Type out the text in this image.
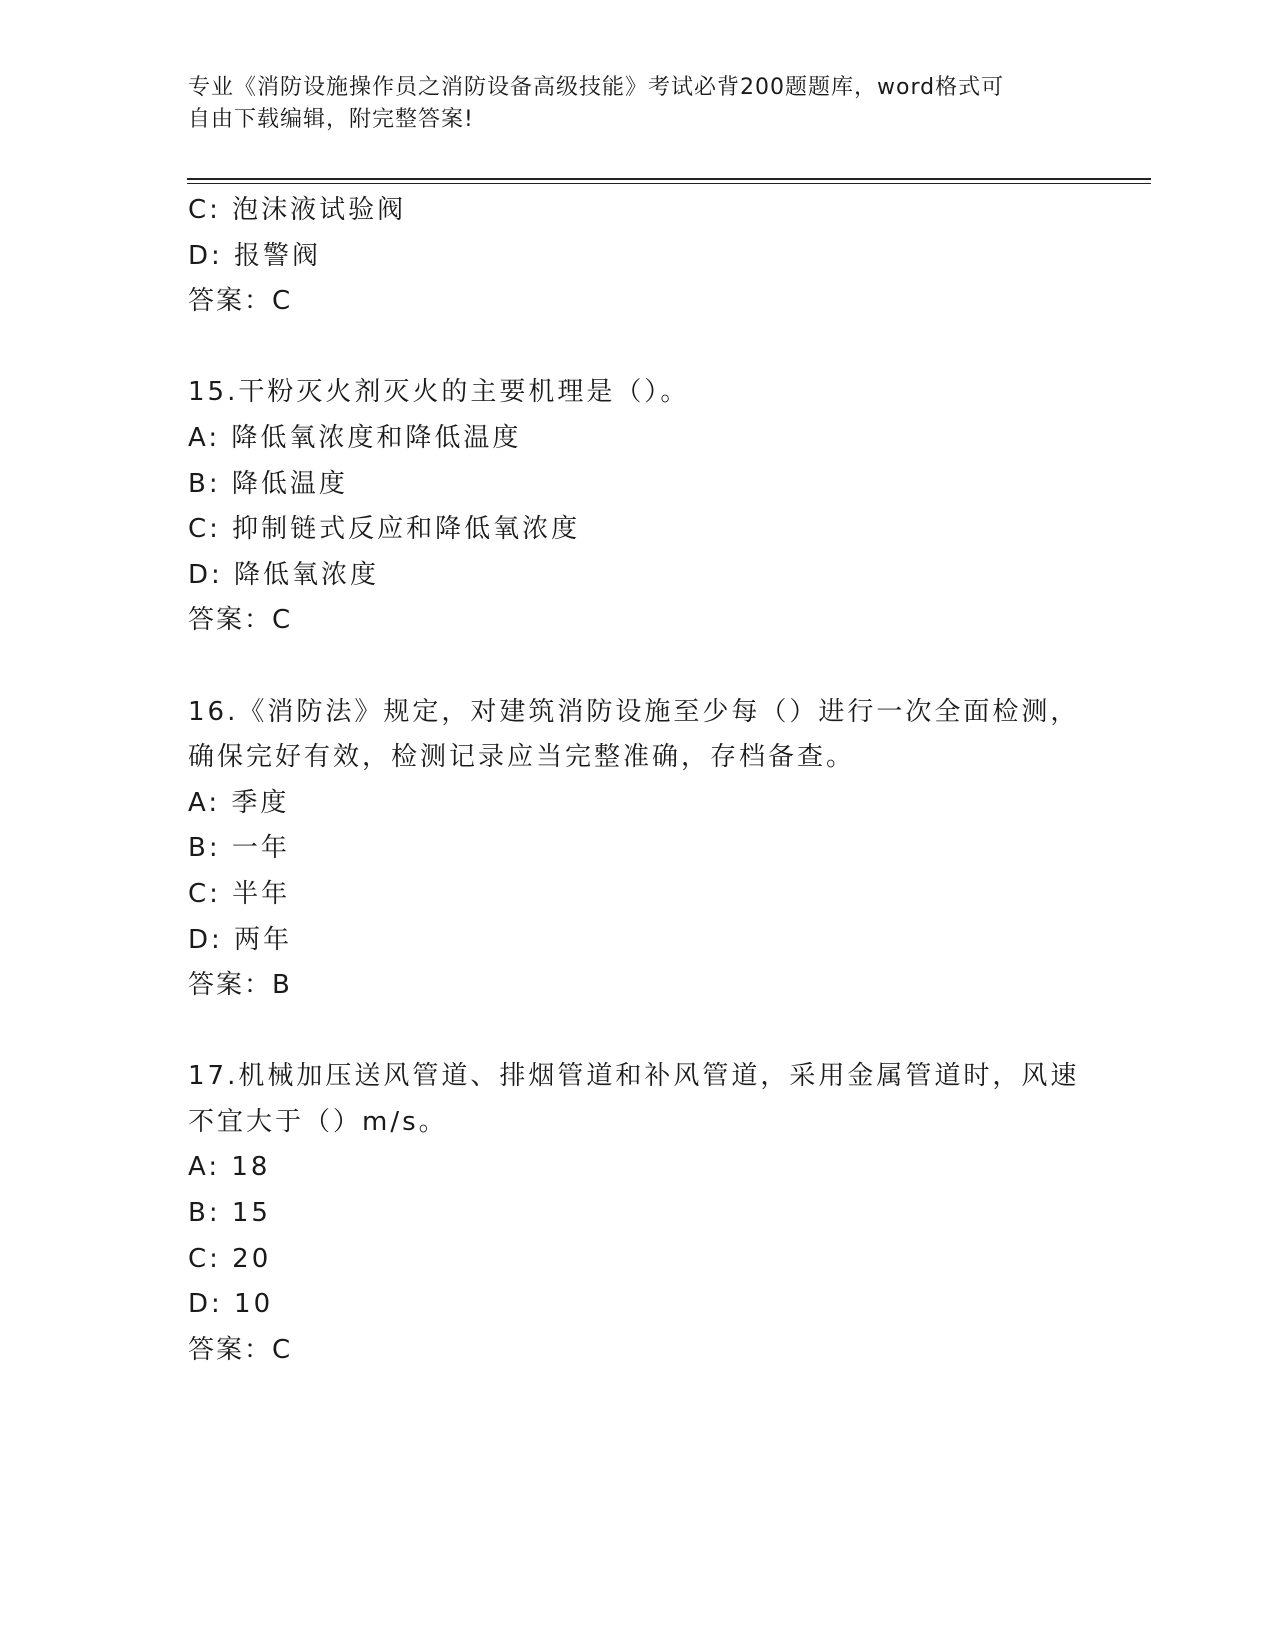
专业《消防设施操作员之消防设备高级技能》考试必背200题题库，word格式可
自由下载编辑，附完整答案!
C: 泡沫液试验阀
D: 报警阀
答案：C
15.干粉灭火剂灭火的主要机理是（）。
A: 降低氧浓度和降低温度
B: 降低温度
C: 抑制链式反应和降低氧浓度
D: 降低氧浓度
答案：C
16.《消防法》规定，对建筑消防设施至少每（）进行一次全面检测，
确保完好有效，检测记录应当完整准确，存档备查。
A: 季度
B: 一年
C: 半年
D: 两年
答案：B
17.机械加压送风管道、排烟管道和补风管道，采用金属管道时，风速
不宜大于（）m/s。
A: 18
B: 15
C: 20
D: 10
答案：C
